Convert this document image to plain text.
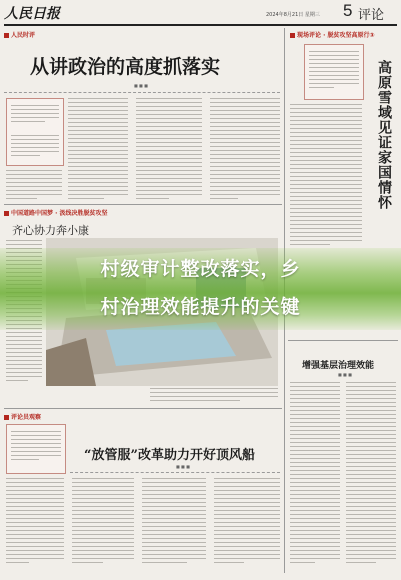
人民日报	2024年8月21日 星期三 5 评论
人民时评
从讲政治的高度抓落实
■ ■ ■
中国道路中国梦 · 汲线决胜脱贫攻坚
齐心协力奔小康
评论员观察
“放管服”改革助力开好顶风船
■ ■ ■
现场评论 · 脱贫攻坚高原行③
高原雪域见证家国情怀
增强基层治理效能
■ ■ ■
村级审计整改落实，乡
村治理效能提升的关键
